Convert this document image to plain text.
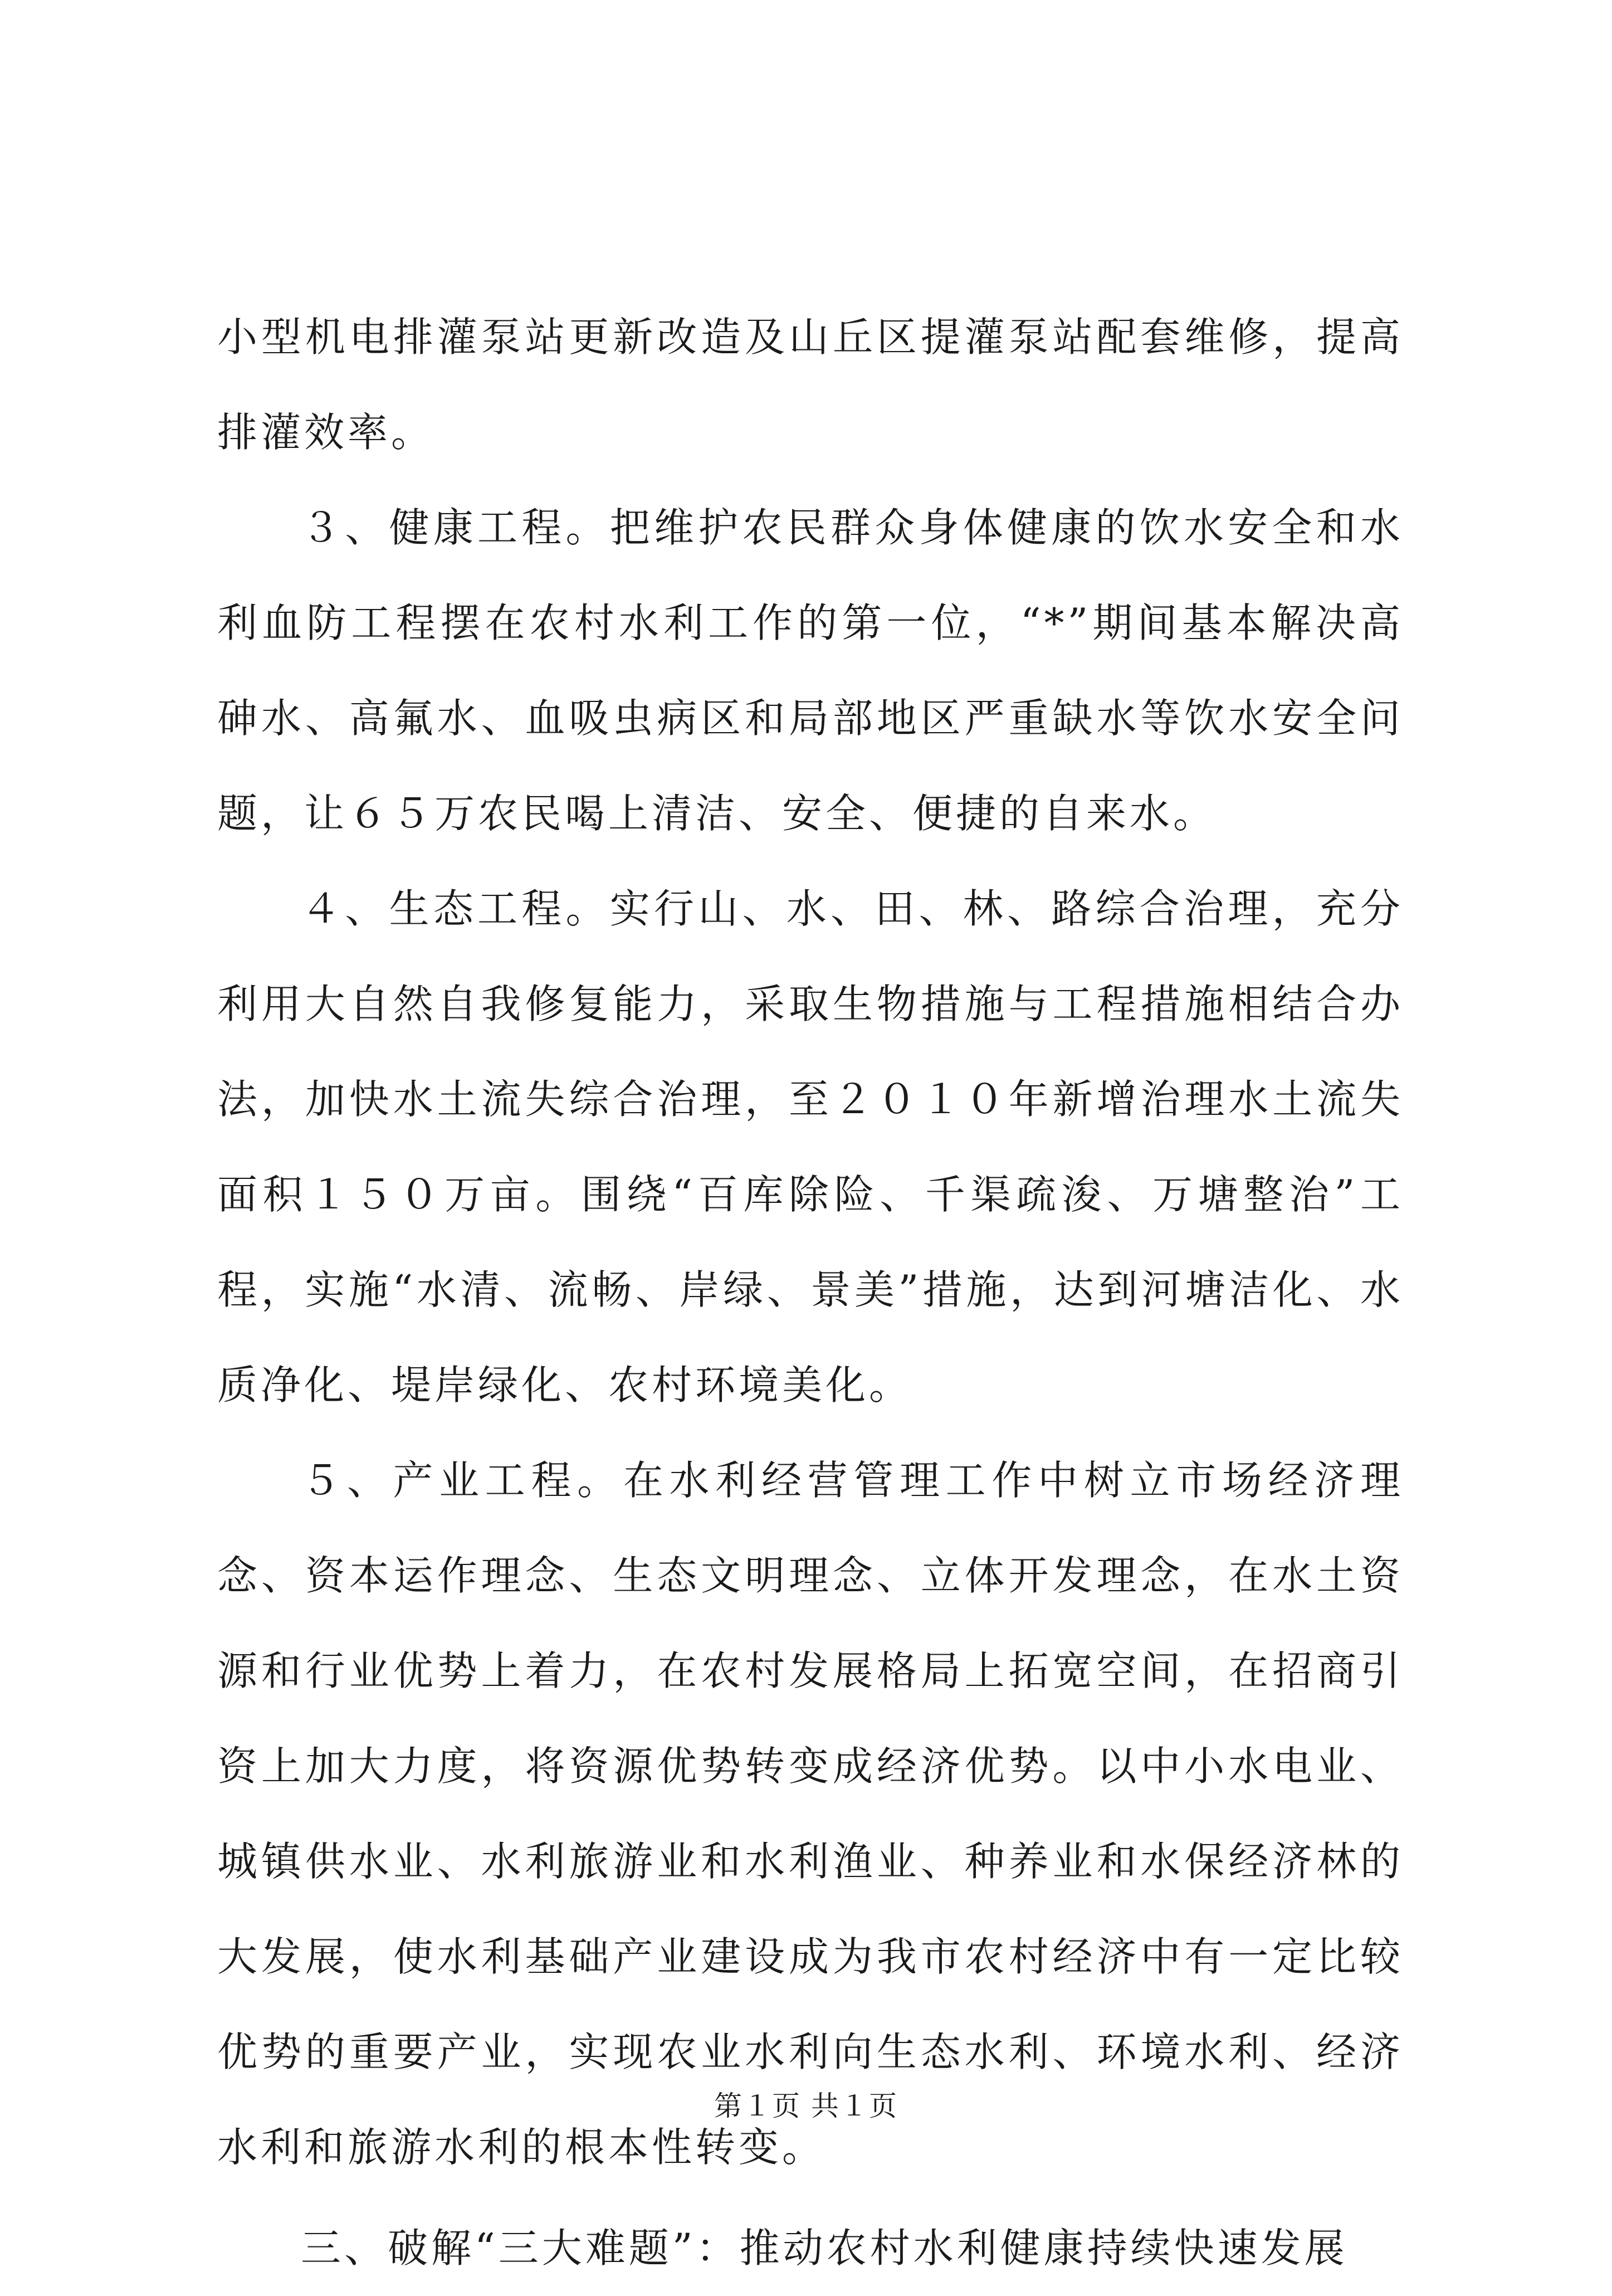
小型机电排灌泵站更新改造及山丘区提灌泵站配套维修，提高排灌效率。

３、健康工程。把维护农民群众身体健康的饮水安全和水利血防工程摆在农村水利工作的第一位，“*”期间基本解决高砷水、高氟水、血吸虫病区和局部地区严重缺水等饮水安全问题，让６５万农民喝上清洁、安全、便捷的自来水。

４、生态工程。实行山、水、田、林、路综合治理，充分利用大自然自我修复能力，采取生物措施与工程措施相结合办法，加快水土流失综合治理，至２０１０年新增治理水土流失面积１５０万亩。围绕“百库除险、千渠疏浚、万塘整治”工程，实施“水清、流畅、岸绿、景美”措施，达到河塘洁化、水质净化、堤岸绿化、农村环境美化。

５、产业工程。在水利经营管理工作中树立市场经济理念、资本运作理念、生态文明理念、立体开发理念，在水土资源和行业优势上着力，在农村发展格局上拓宽空间，在招商引资上加大力度，将资源优势转变成经济优势。以中小水电业、城镇供水业、水利旅游业和水利渔业、种养业和水保经济林的大发展，使水利基础产业建设成为我市农村经济中有一定比较优势的重要产业，实现农业水利向生态水利、环境水利、经济水利和旅游水利的根本性转变。

三、破解“三大难题”：推动农村水利健康持续快速发展

第１页 共１页
